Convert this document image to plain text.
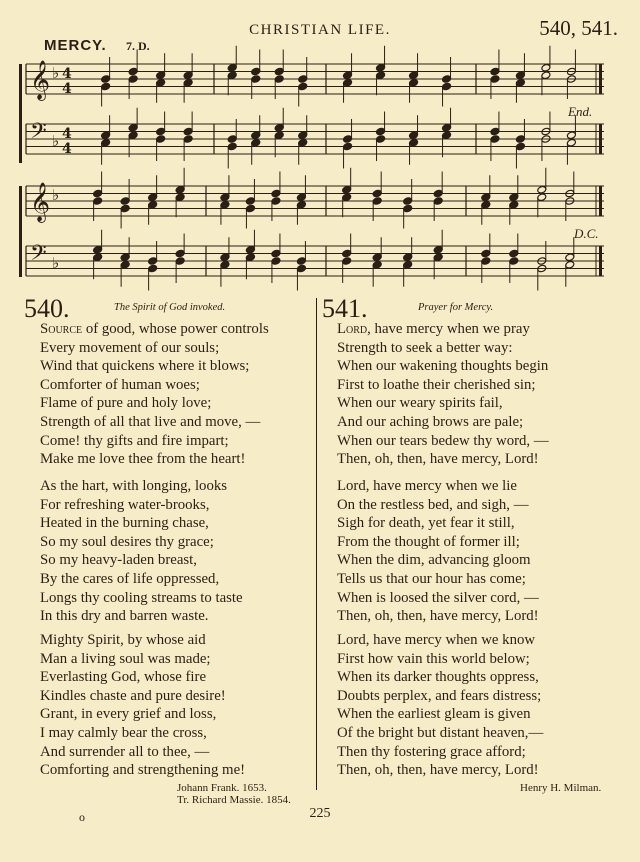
CHRISTIAN LIFE.	540, 541.
MERCY. 7. D.
𝄞 ♭ 4
4
𝄢 ♭ 4
4
𝄞 ♭
𝄢 ♭
End.
D.C.
540.	The Spirit of God invoked.
Source of good, whose power controls
Every movement of our souls;
Wind that quickens where it blows;
Comforter of human woes;
Flame of pure and holy love;
Strength of all that live and move, —
Come! thy gifts and fire impart;
Make me love thee from the heart!
As the hart, with longing, looks
For refreshing water-brooks,
Heated in the burning chase,
So my soul desires thy grace;
So my heavy-laden breast,
By the cares of life oppressed,
Longs thy cooling streams to taste
In this dry and barren waste.
Mighty Spirit, by whose aid
Man a living soul was made;
Everlasting God, whose fire
Kindles chaste and pure desire!
Grant, in every grief and loss,
I may calmly bear the cross,
And surrender all to thee, —
Comforting and strengthening me!
Johann Frank. 1653.
Tr. Richard Massie. 1854.
541.	Prayer for Mercy.
Lord, have mercy when we pray
Strength to seek a better way:
When our wakening thoughts begin
First to loathe their cherished sin;
When our weary spirits fail,
And our aching brows are pale;
When our tears bedew thy word, —
Then, oh, then, have mercy, Lord!
Lord, have mercy when we lie
On the restless bed, and sigh, —
Sigh for death, yet fear it still,
From the thought of former ill;
When the dim, advancing gloom
Tells us that our hour has come;
When is loosed the silver cord, —
Then, oh, then, have mercy, Lord!
Lord, have mercy when we know
First how vain this world below;
When its darker thoughts oppress,
Doubts perplex, and fears distress;
When the earliest gleam is given
Of the bright but distant heaven,—
Then thy fostering grace afford;
Then, oh, then, have mercy, Lord!
Henry H. Milman.
225
o
